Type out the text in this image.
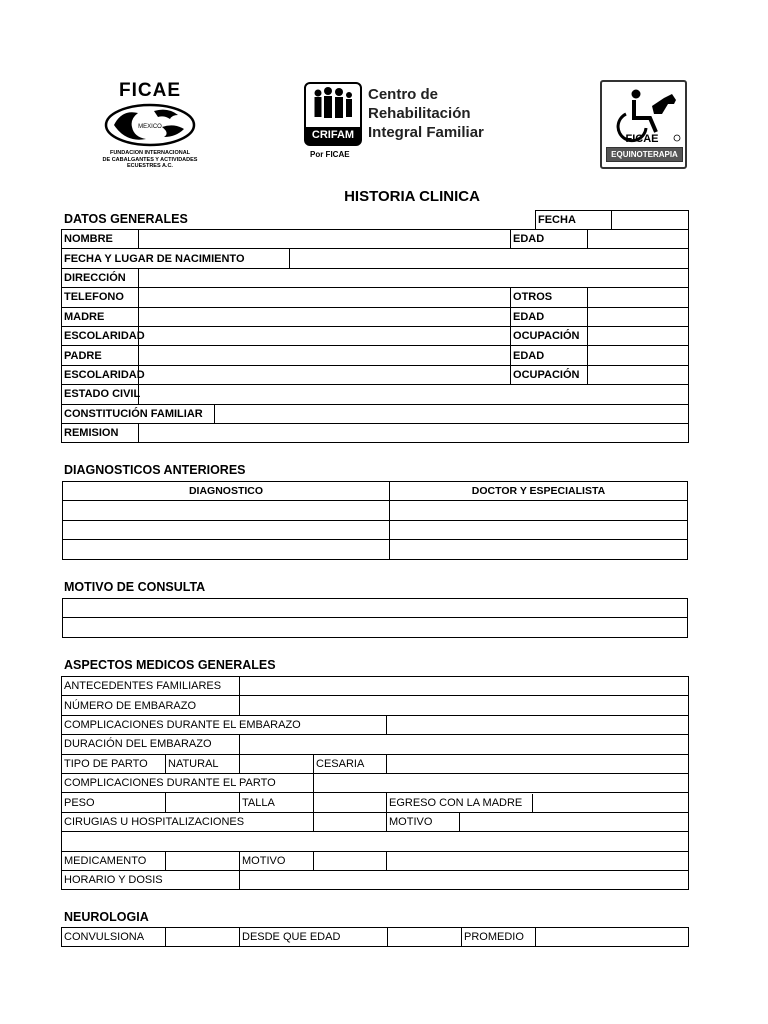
FICAE
MEXICO
FUNDACION INTERNACIONAL
DE CABALGANTES Y ACTIVIDADES
ECUESTRES A.C.
CRIFAM
Centro de
Rehabilitación
Integral Familiar
Por FICAE
FICAE
EQUINOTERAPIA
HISTORIA CLINICA
DATOS GENERALES	FECHA	
NOMBRE				EDAD	
FECHA Y LUGAR DE NACIMIENTO					
DIRECCIÓN					
TELEFONO				OTROS	
MADRE				EDAD	
ESCOLARIDAD				OCUPACIÓN	
PADRE				EDAD	
ESCOLARIDAD				OCUPACIÓN	
ESTADO CIVIL					
CONSTITUCIÓN FAMILIAR					
REMISION					
DIAGNOSTICOS ANTERIORES
DIAGNOSTICO	DOCTOR Y ESPECIALISTA

MOTIVO DE CONSULTA

ASPECTOS MEDICOS GENERALES
ANTECEDENTES FAMILIARES					
NÚMERO DE EMBARAZO					
COMPLICACIONES DURANTE EL EMBARAZO					
DURACIÓN DEL EMBARAZO					
TIPO DE PARTO	NATURAL		CESARIA		
COMPLICACIONES DURANTE EL PARTO					
PESO		TALLA		EGRESO CON LA MADRE	

CIRUGIAS U HOSPITALIZACIONES				MOTIVO	

MEDICAMENTO		MOTIVO			
HORARIO Y DOSIS					
NEUROLOGIA
CONVULSIONA		DESDE QUE EDAD		PROMEDIO	
